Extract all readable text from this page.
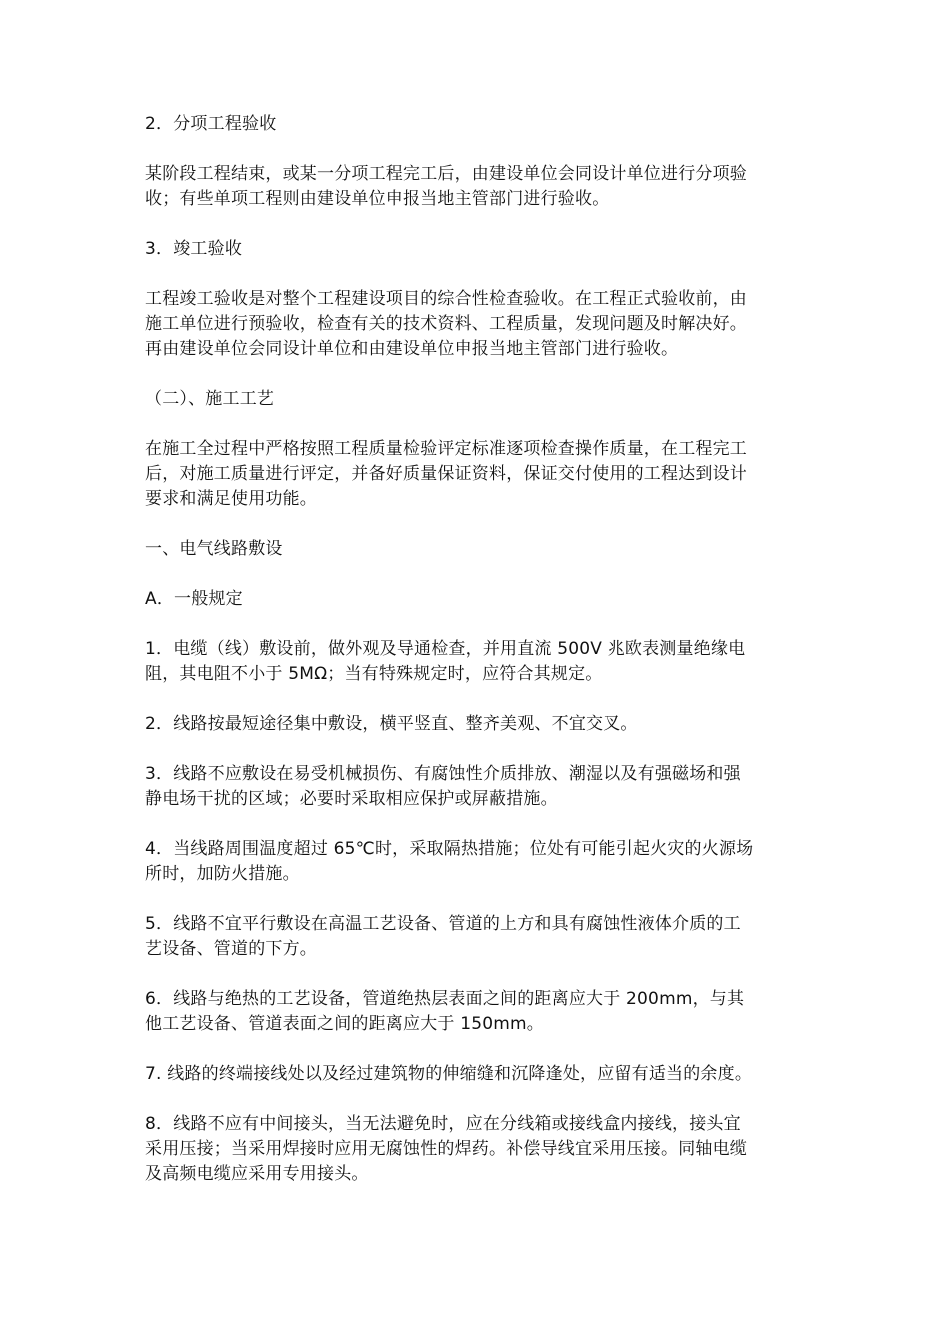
2．分项工程验收

某阶段工程结束，或某一分项工程完工后，由建设单位会同设计单位进行分项验
收；有些单项工程则由建设单位申报当地主管部门进行验收。

3．竣工验收

工程竣工验收是对整个工程建设项目的综合性检查验收。在工程正式验收前，由
施工单位进行预验收，检查有关的技术资料、工程质量，发现问题及时解决好。
再由建设单位会同设计单位和由建设单位申报当地主管部门进行验收。

（二）、施工工艺

在施工全过程中严格按照工程质量检验评定标准逐项检查操作质量，在工程完工
后，对施工质量进行评定，并备好质量保证资料，保证交付使用的工程达到设计
要求和满足使用功能。

一、电气线路敷设

A．一般规定

1．电缆（线）敷设前，做外观及导通检查，并用直流 500V 兆欧表测量绝缘电
阻，其电阻不小于 5MΩ；当有特殊规定时，应符合其规定。

2．线路按最短途径集中敷设，横平竖直、整齐美观、不宜交叉。

3．线路不应敷设在易受机械损伤、有腐蚀性介质排放、潮湿以及有强磁场和强
静电场干扰的区域；必要时采取相应保护或屏蔽措施。

4．当线路周围温度超过 65℃时，采取隔热措施；位处有可能引起火灾的火源场
所时，加防火措施。

5．线路不宜平行敷设在高温工艺设备、管道的上方和具有腐蚀性液体介质的工
艺设备、管道的下方。

6．线路与绝热的工艺设备，管道绝热层表面之间的距离应大于 200mm，与其
他工艺设备、管道表面之间的距离应大于 150mm。

7. 线路的终端接线处以及经过建筑物的伸缩缝和沉降逢处，应留有适当的余度。

8．线路不应有中间接头，当无法避免时，应在分线箱或接线盒内接线，接头宜
采用压接；当采用焊接时应用无腐蚀性的焊药。补偿导线宜采用压接。同轴电缆
及高频电缆应采用专用接头。
